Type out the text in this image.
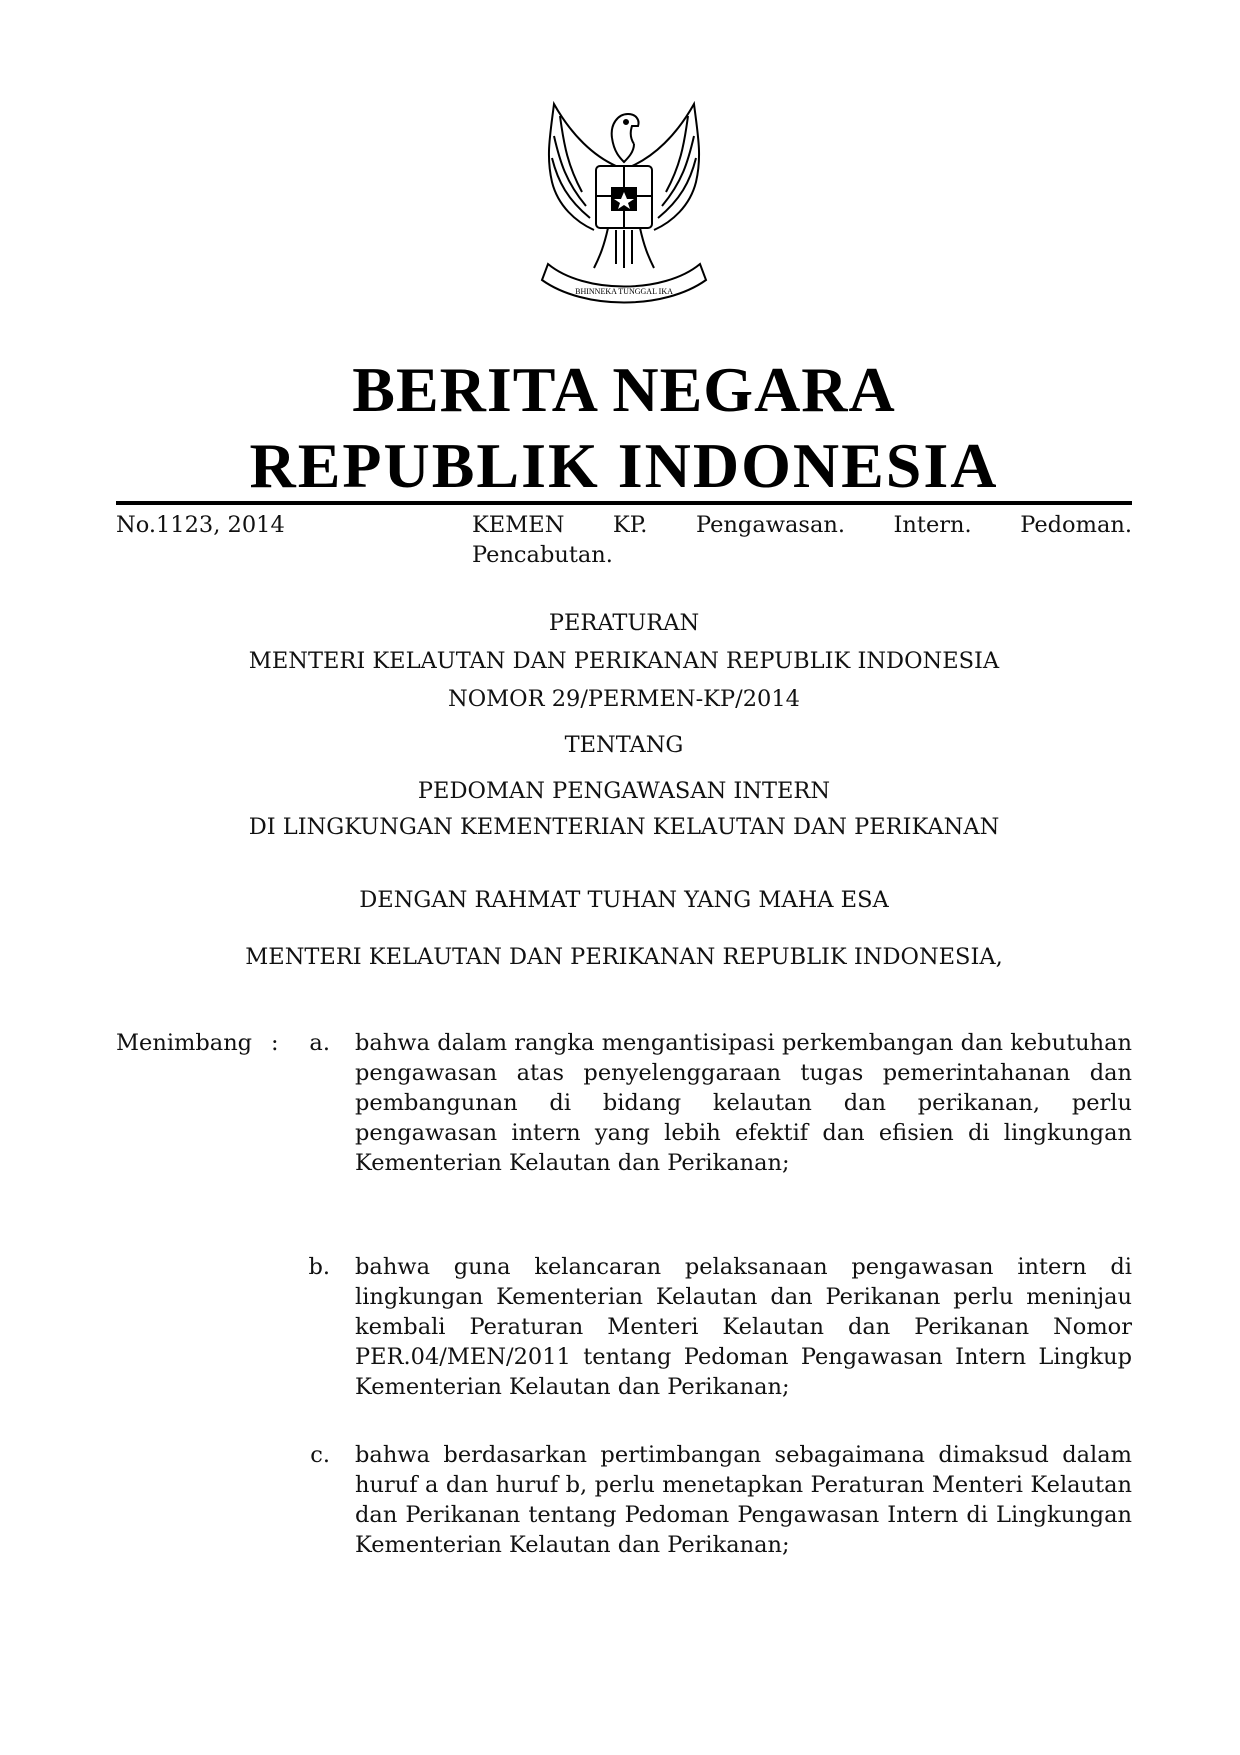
BHINNEKA TUNGGAL IKA
BERITA NEGARA
REPUBLIK INDONESIA
No.1123, 2014	KEMEN KP. Pengawasan. Intern. Pedoman.
Pencabutan.
PERATURAN
MENTERI KELAUTAN DAN PERIKANAN REPUBLIK INDONESIA
NOMOR 29/PERMEN-KP/2014
TENTANG
PEDOMAN PENGAWASAN INTERN
DI LINGKUNGAN KEMENTERIAN KELAUTAN DAN PERIKANAN
DENGAN RAHMAT TUHAN YANG MAHA ESA
MENTERI KELAUTAN DAN PERIKANAN REPUBLIK INDONESIA,
Menimbang :	a. bahwa dalam rangka mengantisipasi perkembangan dan kebutuhan pengawasan atas penyelenggaraan tugas pemerintahanan dan pembangunan di bidang kelautan dan perikanan, perlu pengawasan intern yang lebih efektif dan efisien di lingkungan Kementerian Kelautan dan Perikanan;
b. bahwa guna kelancaran pelaksanaan pengawasan intern di lingkungan Kementerian Kelautan dan Perikanan perlu meninjau kembali Peraturan Menteri Kelautan dan Perikanan Nomor PER.04/MEN/2011 tentang Pedoman Pengawasan Intern Lingkup Kementerian Kelautan dan Perikanan;
c. bahwa berdasarkan pertimbangan sebagaimana dimaksud dalam huruf a dan huruf b, perlu menetapkan Peraturan Menteri Kelautan dan Perikanan tentang Pedoman Pengawasan Intern di Lingkungan Kementerian Kelautan dan Perikanan;
